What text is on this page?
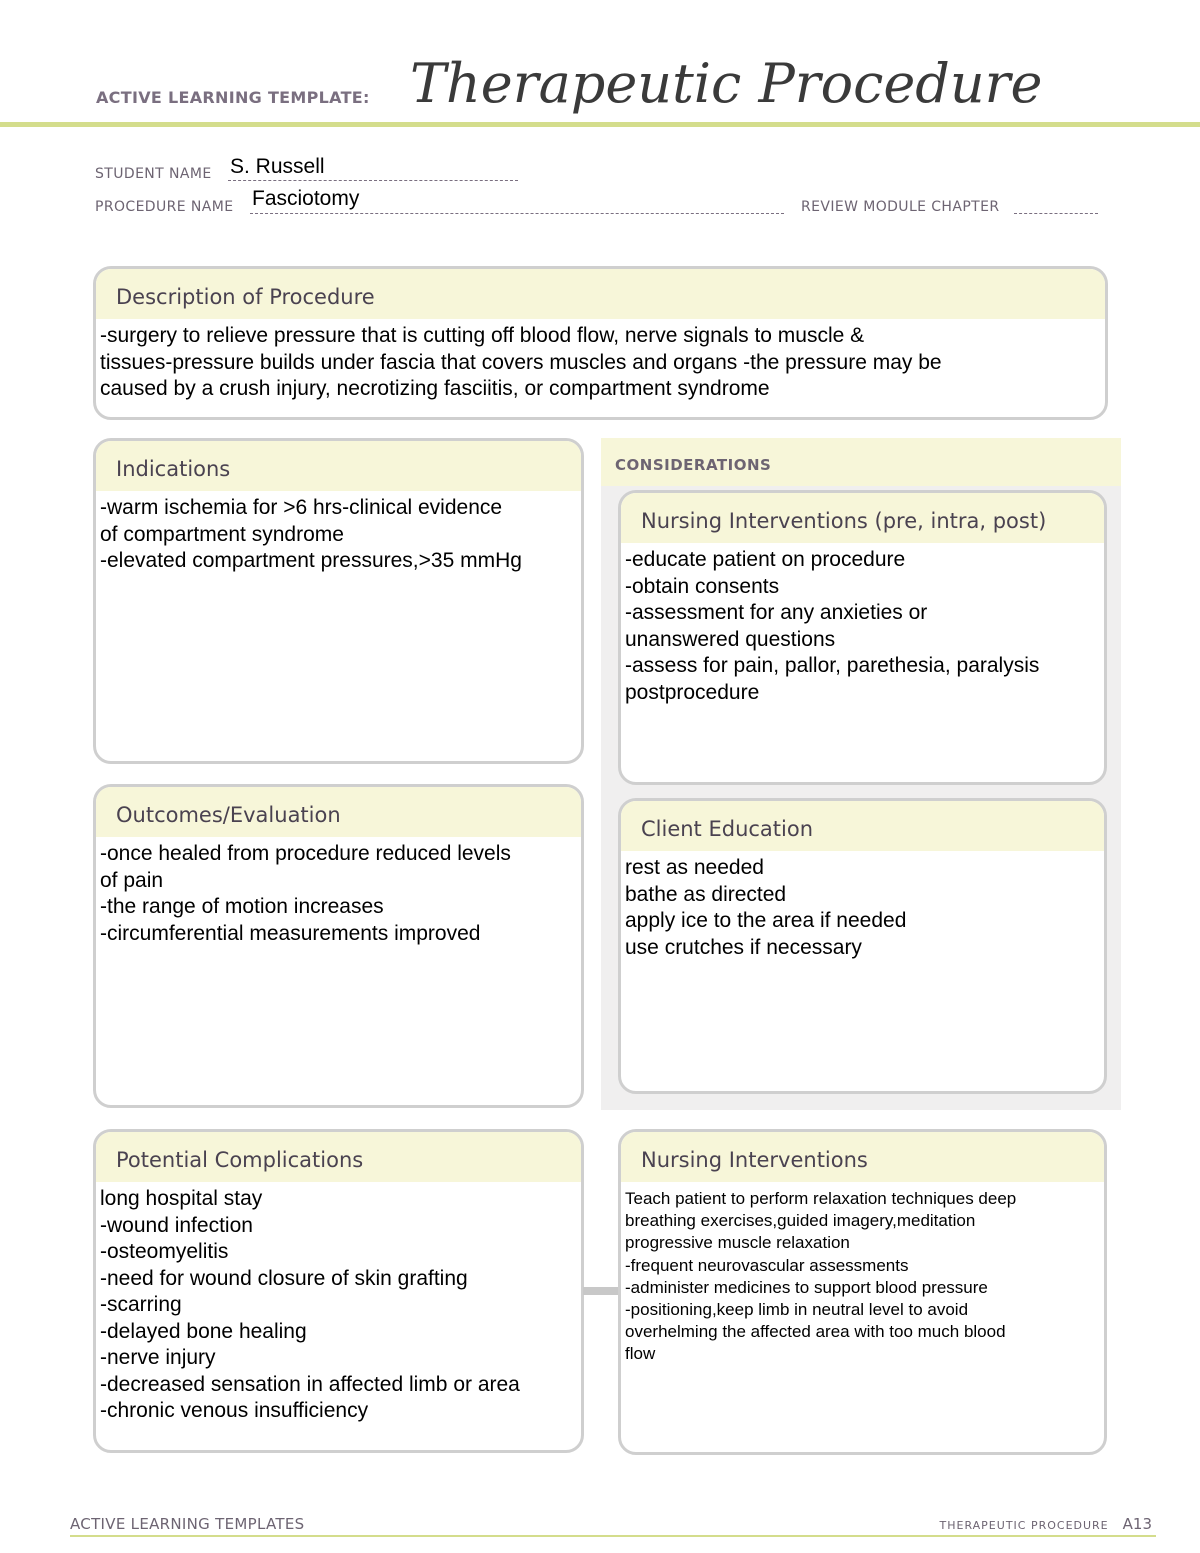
ACTIVE LEARNING TEMPLATE: Therapeutic Procedure
STUDENT NAME S. Russell
PROCEDURE NAME Fasciotomy	REVIEW MODULE CHAPTER
Description of Procedure
-surgery to relieve pressure that is cutting off blood flow, nerve signals to muscle &
tissues-pressure builds under fascia that covers muscles and organs -the pressure may be
caused by a crush injury, necrotizing fasciitis, or compartment syndrome
Indications
-warm ischemia for >6 hrs-clinical evidence
of compartment syndrome
-elevated compartment pressures,>35 mmHg
CONSIDERATIONS
Nursing Interventions (pre, intra, post)
-educate patient on procedure
-obtain consents
-assessment for any anxieties or
unanswered questions
-assess for pain, pallor, parethesia, paralysis
postprocedure
Outcomes/Evaluation
-once healed from procedure reduced levels
of pain
-the range of motion increases
-circumferential measurements improved
Client Education
rest as needed
bathe as directed
apply ice to the area if needed
use crutches if necessary
Potential Complications
long hospital stay
-wound infection
-osteomyelitis
-need for wound closure of skin grafting
-scarring
-delayed bone healing
-nerve injury
-decreased sensation in affected limb or area
-chronic venous insufficiency
Nursing Interventions
Teach patient to perform relaxation techniques deep
breathing exercises,guided imagery,meditation
progressive muscle relaxation
-frequent neurovascular assessments
-administer medicines to support blood pressure
-positioning,keep limb in neutral level to avoid
overhelming the affected area with too much blood
flow
ACTIVE LEARNING TEMPLATES	THERAPEUTIC PROCEDURE A13
